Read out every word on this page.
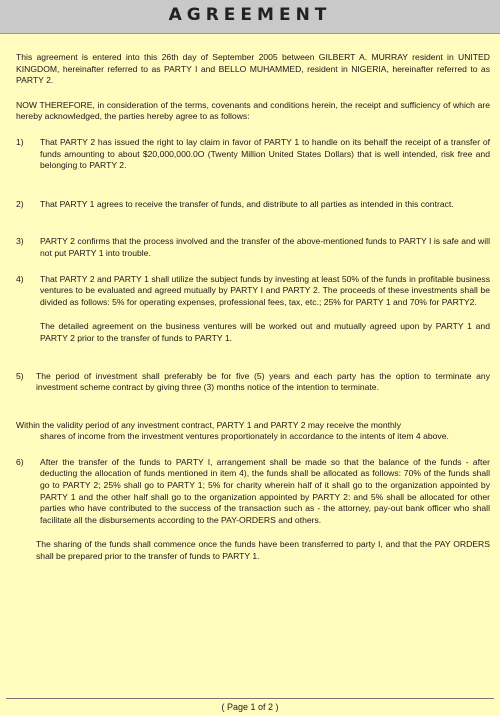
AGREEMENT

This agreement is entered into this 26th day of September 2005 between GILBERT A. MURRAY resident in UNITED KINGDOM, hereinafter referred to as PARTY I and BELLO MUHAMMED, resident in NIGERIA, hereinafter referred to as PARTY 2.

NOW THEREFORE, in consideration of the terms, covenants and conditions herein, the receipt and sufficiency of which are hereby acknowledged, the parties hereby agree to as follows:

1) That PARTY 2 has issued the right to lay claim in favor of PARTY 1 to handle on its behalf the receipt of a transfer of funds amounting to about $20,000,000.0O (Twenty Million United States Dollars) that is well intended, risk free and belonging to PARTY 2.
2) That PARTY 1 agrees to receive the transfer of funds, and distribute to all parties as intended in this contract.
3) PARTY 2 confirms that the process involved and the transfer of the above-mentioned funds to PARTY I is safe and will not put PARTY 1 into trouble.
4) That PARTY 2 and PARTY 1 shall utilize the subject funds by investing at least 50% of the funds in profitable business ventures to be evaluated and agreed mutually by PARTY I and PARTY 2. The proceeds of these investments shall be divided as follows: 5% for operating expenses, professional fees, tax, etc.; 25% for PARTY 1 and 70% for PARTY2.
The detailed agreement on the business ventures will be worked out and mutually agreed upon by PARTY 1 and PARTY 2 prior to the transfer of funds to PARTY 1.
5) The period of investment shall preferably be for five (5) years and each party has the option to terminate any investment scheme contract by giving three (3) months notice of the intention to terminate.

Within the validity period of any investment contract, PARTY 1 and PARTY 2 may receive the monthly

shares of income from the investment ventures proportionately in accordance to the intents of item 4 above.

6) After the transfer of the funds to PARTY I, arrangement shall be made so that the balance of the funds - after deducting the allocation of funds mentioned in item 4), the funds shall be allocated as follows: 70% of the funds shall go to PARTY 2; 25% shall go to PARTY 1; 5% for charity wherein half of it shall go to the organization appointed by PARTY 1 and the other half shall go to the organization appointed by PARTY 2: and 5% shall be allocated for other parties who have contributed to the success of the transaction such as - the attorney, pay-out bank officer who shall facilitate all the disbursements according to the PAY-ORDERS and others.

The sharing of the funds shall commence once the funds have been transferred to party I, and that the PAY ORDERS shall be prepared prior to the transfer of funds to PARTY 1.

( Page 1 of 2 )
